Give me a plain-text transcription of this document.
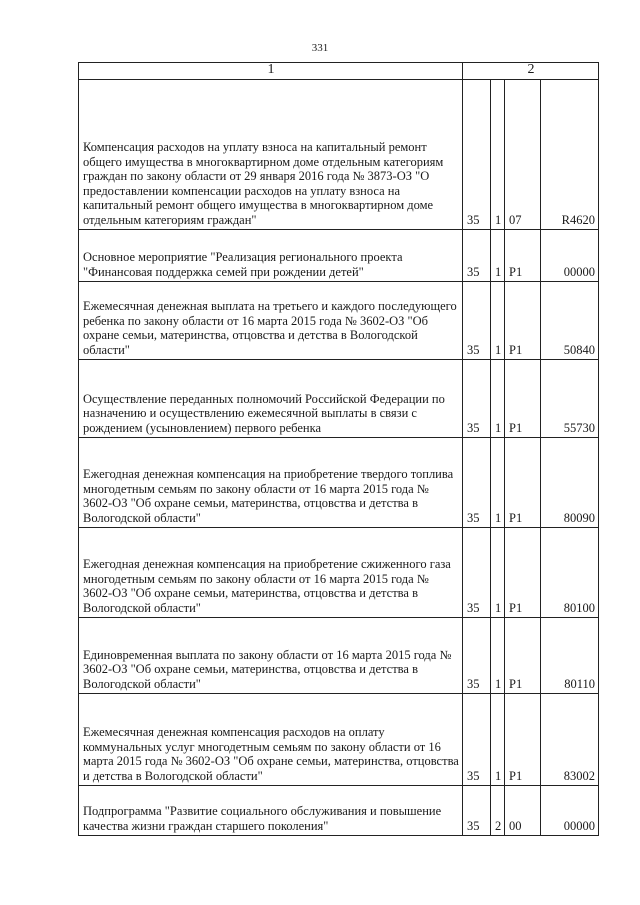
331
1	2			
Компенсация расходов на уплату взноса на капитальный ремонт общего имущества в многоквартирном доме отдельным категориям граждан по закону области от 29 января 2016 года № 3873-ОЗ "О предоставлении компенсации расходов на уплату взноса на капитальный ремонт общего имущества в многоквартирном доме отдельным категориям граждан"	35	1	07	R4620
Основное мероприятие "Реализация регионального проекта "Финансовая поддержка семей при рождении детей"	35	1	P1	00000
Ежемесячная денежная выплата на третьего и каждого последующего ребенка по закону области от 16 марта 2015 года № 3602-ОЗ "Об охране семьи, материнства, отцовства и детства в Вологодской области"	35	1	P1	50840
Осуществление переданных полномочий Российской Федерации по назначению и осуществлению ежемесячной выплаты в связи с рождением (усыновлением) первого ребенка	35	1	P1	55730
Ежегодная денежная компенсация на приобретение твердого топлива многодетным семьям по закону области от 16 марта 2015 года № 3602-ОЗ "Об охране семьи, материнства, отцовства и детства в Вологодской области"	35	1	P1	80090
Ежегодная денежная компенсация на приобретение сжиженного газа многодетным семьям по закону области от 16 марта 2015 года № 3602-ОЗ "Об охране семьи, материнства, отцовства и детства в Вологодской области"	35	1	P1	80100
Единовременная выплата по закону области от 16 марта 2015 года № 3602-ОЗ "Об охране семьи, материнства, отцовства и детства в Вологодской области"	35	1	P1	80110
Ежемесячная денежная компенсация расходов на оплату коммунальных услуг многодетным семьям по закону области от 16 марта 2015 года № 3602-ОЗ "Об охране семьи, материнства, отцовства и детства в Вологодской области"	35	1	P1	83002
Подпрограмма "Развитие социального обслуживания и повышение качества жизни граждан старшего поколения"	35	2	00	00000
